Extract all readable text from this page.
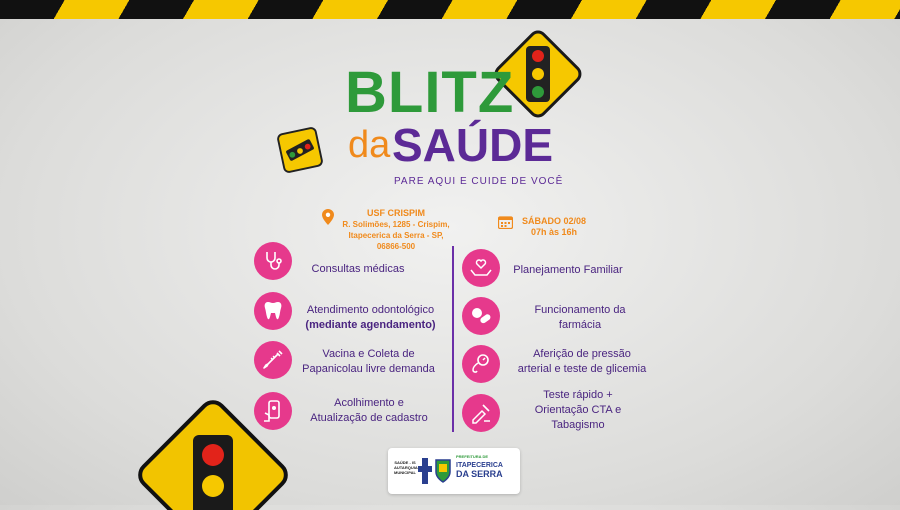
BLITZ
da SAÚDE
PARE AQUI E CUIDE DE VOCÊ
USF CRISPIM
R. Solimões, 1285 - Crispim,
Itapecerica da Serra - SP,
06866-500
SÁBADO 02/08
07h às 16h
Consultas médicas
Atendimento odontológico
(mediante agendamento)
Vacina e Coleta de
Papanicolau livre demanda
Acolhimento e
Atualização de cadastro
Planejamento Familiar
Funcionamento da
farmácia
Aferição de pressão
arterial e teste de glicemia
Teste rápido +
Orientação CTA e
Tabagismo
SAÚDE - IS
AUTARQUIA
MUNICIPAL
PREFEITURA DE
ITAPECERICA
DA SERRA
